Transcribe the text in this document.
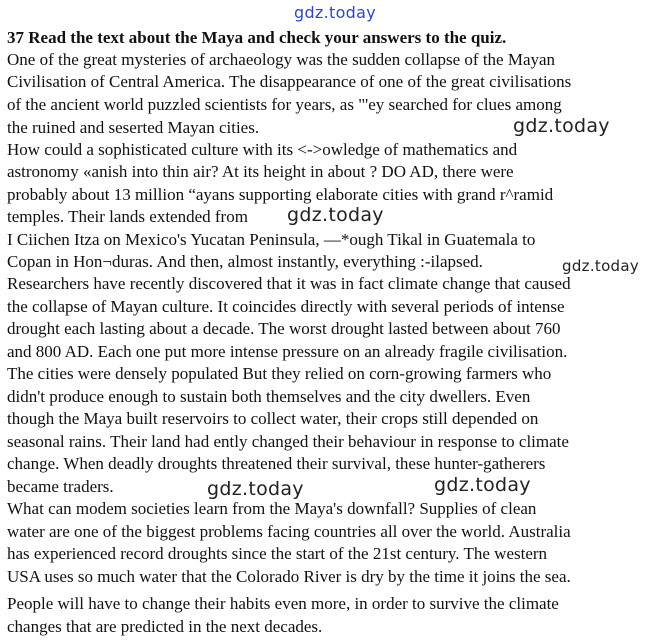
gdz.today
37 Read the text about the Maya and check your answers to the quiz.
One of the great mysteries of archaeology was the sudden collapse of the Mayan
Civilisation of Central America. The disappearance of one of the great civilisations
of the ancient world puzzled scientists for years, as "'ey searched for clues among
the ruined and seserted Mayan cities.
How could a sophisticated culture with its <->owledge of mathematics and
astronomy «anish into thin air? At its height in about ? DO AD, there were
probably about 13 million “ayans supporting elaborate cities with grand r^ramid
temples. Their lands extended from
I Ciichen Itza on Mexico's Yucatan Peninsula, —*ough Tikal in Guatemala to
Copan in Hon¬duras. And then, almost instantly, everything :-ilapsed.
Researchers have recently discovered that it was in fact climate change that caused
the collapse of Mayan culture. It coincides directly with several periods of intense
drought each lasting about a decade. The worst drought lasted between about 760
and 800 AD. Each one put more intense pressure on an already fragile civilisation.
The cities were densely populated But they relied on corn-growing farmers who
didn't produce enough to sustain both themselves and the city dwellers. Even
though the Maya built reservoirs to collect water, their crops still depended on
seasonal rains. Their land had ently changed their behaviour in response to climate
change. When deadly droughts threatened their survival, these hunter-gatherers
became traders.
What can modem societies learn from the Maya's downfall? Supplies of clean
water are one of the biggest problems facing countries all over the world. Australia
has experienced record droughts since the start of the 21st century. The western
USA uses so much water that the Colorado River is dry by the time it joins the sea.
People will have to change their habits even more, in order to survive the climate
changes that are predicted in the next decades.
gdz.today
gdz.today
gdz.today
gdz.today	gdz.today
